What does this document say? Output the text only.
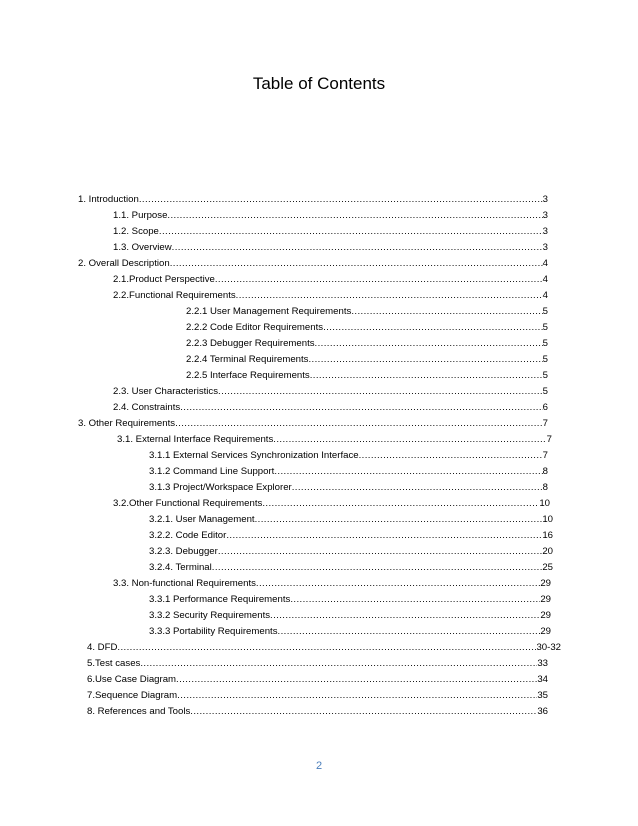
Table of Contents
1. Introduction .....	3
1.1. Purpose .....	3
1.2. Scope .....	3
1.3. Overview .....	3
2. Overall Description .....	4
2.1.Product Perspective .....	4
2.2.Functional Requirements .....	4
2.2.1 User Management Requirements .....	5
2.2.2 Code Editor Requirements .....	5
2.2.3 Debugger Requirements .....	5
2.2.4 Terminal Requirements .....	5
2.2.5 Interface Requirements .....	5
2.3. User Characteristics .....	5
2.4. Constraints .....	6
3. Other Requirements .....	7
3.1. External Interface Requirements .....	7
3.1.1 External Services Synchronization Interface .....	7
3.1.2 Command Line Support .....	8
3.1.3 Project/Workspace Explorer .....	8
3.2.Other Functional Requirements .....	10
3.2.1. User Management .....	10
3.2.2. Code Editor .....	16
3.2.3. Debugger .....	20
3.2.4. Terminal .....	25
3.3. Non-functional Requirements .....	29
3.3.1 Performance Requirements .....	29
3.3.2 Security Requirements .....	29
3.3.3 Portability Requirements .....	29
4. DFD .....	30-32
5.Test cases .....	33
6.Use Case Diagram .....	34
7.Sequence Diagram .....	35
8. References and Tools .....	36
2
